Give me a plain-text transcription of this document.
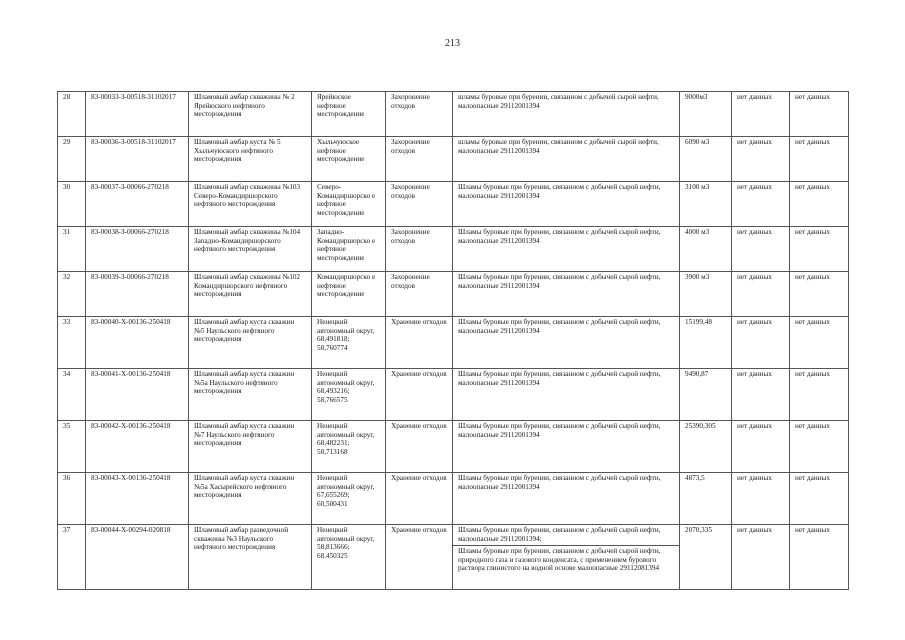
213
28	83-00033-З-00518-31102017	Шламовый амбар скважины № 2 Ярейюского нефтяного месторождения	Ярейюское нефтяное месторождение	Захоронение отходов	шламы буровые при бурении, связанном с добычей сырой нефти, малоопасные 29112001394	9000м3	нет данных	нет данных
29	83-00036-З-00518-31102017	Шламовый амбар куста № 5 Хыльчуюского нефтяного месторождения	Хыльчуюское нефтяное месторождение	Захоронение отходов	шламы буровые при бурении, связанном с добычей сырой нефти, малоопасные 29112001394	6090 м3	нет данных	нет данных
30	83-00037-З-00066-270218	Шламовый амбар скважины №103 Северо-Командиршорского нефтяного месторождения	Северо-Командиршорско е нефтяное месторождение	Захоронение отходов	Шламы буровые при бурении, связанном с добычей сырой нефти, малоопасные 29112001394	3100 м3	нет данных	нет данных
31	83-00038-З-00066-270218	Шламовый амбар скважины №104 Западно-Командиршорского нефтяного месторождения	Западно-Командиршорско е нефтяное месторождение	Захоронение отходов	Шламы буровые при бурении, связанном с добычей сырой нефти, малоопасные 29112001394	4000 м3	нет данных	нет данных
32	83-00039-З-00066-270218	Шламовый амбар скважины №102 Командиршорского нефтяного месторождения	Командиршорско е нефтяное месторождение	Захоронение отходов	Шламы буровые при бурении, связанном с добычей сырой нефти, малоопасные 29112001394	3900 м3	нет данных	нет данных
33	83-00040-Х-00136-250418	Шламовый амбар куста скважин №5 Наульского нефтяного месторождения	Ненецкий автономный округ, 68,491818; 58,760774	Хранение отходов	Шламы буровые при бурении, связанном с добычей сырой нефти, малоопасные 29112001394	15199,48	нет данных	нет данных
34	83-00041-Х-00136-250418	Шламовый амбар куста скважин №5а Наульского нефтяного месторождения	Ненецкий автономный округ, 68,493216; 58,766575	Хранение отходов	Шламы буровые при бурении, связанном с добычей сырой нефти, малоопасные 29112001394	9490,87	нет данных	нет данных
35	83-00042-Х-00136-250418	Шламовый амбар куста скважин №7 Наульского нефтяного месторождения	Ненецкий автономный округ, 68,482231; 58,713168	Хранение отходов	Шламы буровые при бурении, связанном с добычей сырой нефти, малоопасные 29112001394	25390,305	нет данных	нет данных
36	83-00043-Х-00136-250418	Шламовый амбар куста скважин №5а Хасырейского нефтяного месторождения	Ненецкий автономный округ, 67,655269; 60,500431	Хранение отходов	Шламы буровые при бурении, связанном с добычей сырой нефти, малоопасные 29112001394	4873,5	нет данных	нет данных
37	83-00044-Х-00294-020818	Шламовый амбар разведочной скважины №3 Наульского нефтяного месторождения	Ненецкий автономный округ, 58,813666; 68,450325	Хранение отходов	Шламы буровые при бурении, связанном с добычей сырой нефти, малоопасные 29112001394;	2070,335	нет данных	нет данных
					Шламы буровые при бурении, связанном с добычей сырой нефти, природного газа и газового конденсата, с применением бурового раствора глинистого на водной основе малоопасные 29112081394			
